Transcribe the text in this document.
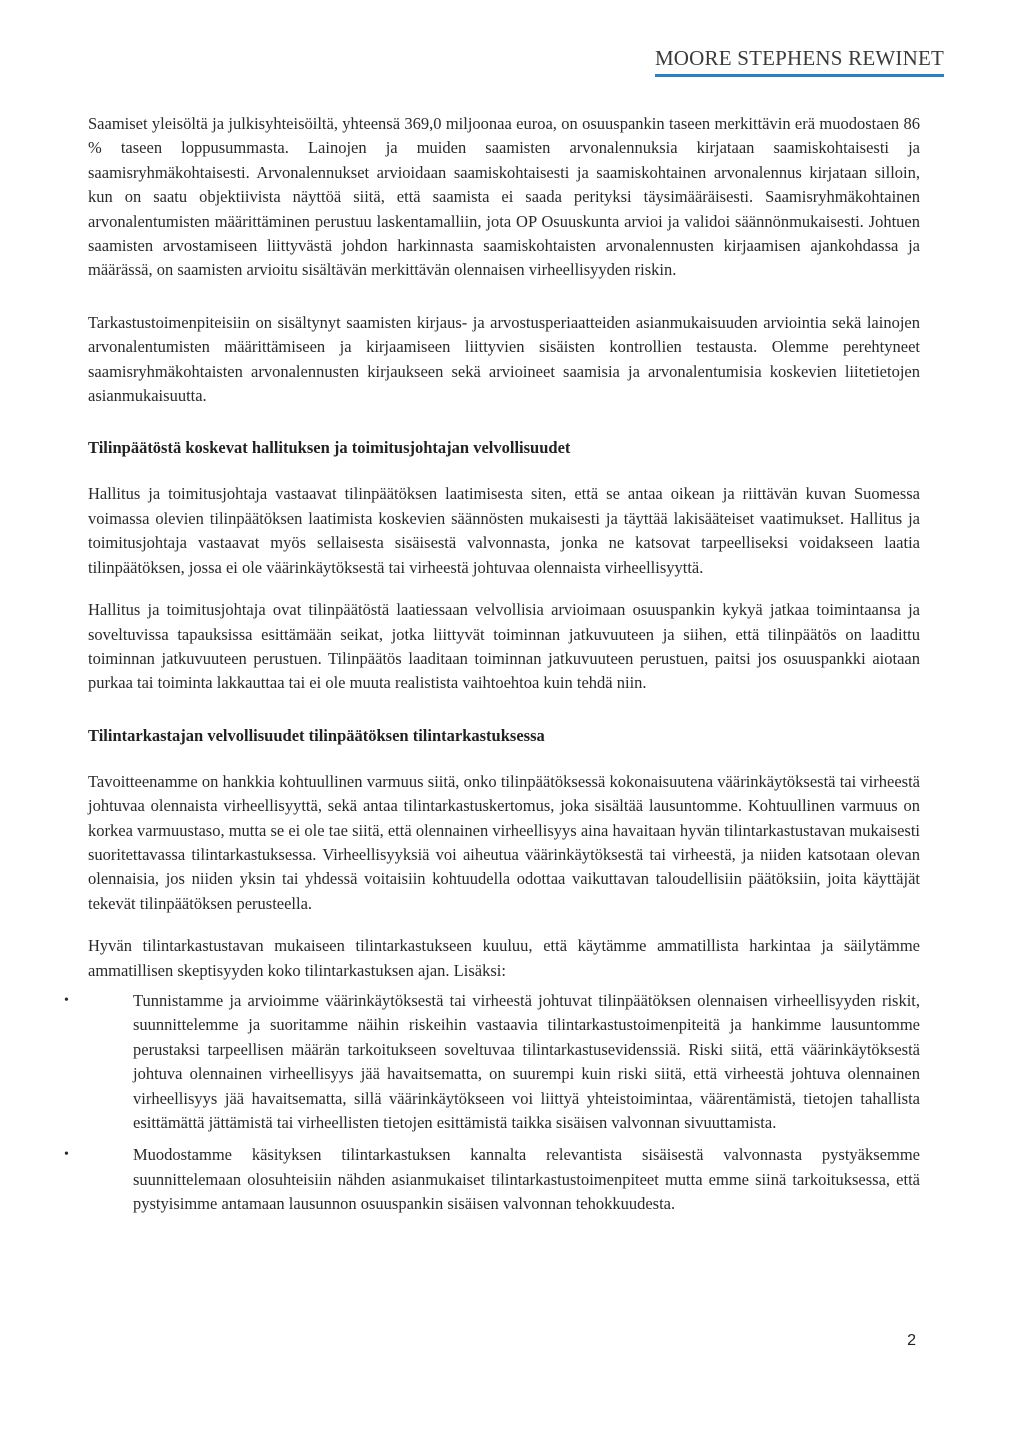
MOORE STEPHENS REWINET

Saamiset yleisöltä ja julkisyhteisöiltä, yhteensä 369,0 miljoonaa euroa, on osuuspankin taseen merkittävin erä muodostaen 86 % taseen loppusummasta. Lainojen ja muiden saamisten arvonalennuksia kirjataan saamiskohtaisesti ja saamisryhmäkohtaisesti. Arvonalennukset arvioidaan saamiskohtaisesti ja saamiskohtainen arvonalennus kirjataan silloin, kun on saatu objektiivista näyttöä siitä, että saamista ei saada perityksi täysimääräisesti. Saamisryhmäkohtainen arvonalentumisten määrittäminen perustuu laskentamalliin, jota OP Osuuskunta arvioi ja validoi säännönmukaisesti. Johtuen saamisten arvostamiseen liittyvästä johdon harkinnasta saamiskohtaisten arvonalennusten kirjaamisen ajankohdassa ja määrässä, on saamisten arvioitu sisältävän merkittävän olennaisen virheellisyyden riskin.

Tarkastustoimenpiteisiin on sisältynyt saamisten kirjaus- ja arvostusperiaatteiden asianmukaisuuden arviointia sekä lainojen arvonalentumisten määrittämiseen ja kirjaamiseen liittyvien sisäisten kontrollien testausta. Olemme perehtyneet saamisryhmäkohtaisten arvonalennusten kirjaukseen sekä arvioineet saamisia ja arvonalentumisia koskevien liitetietojen asianmukaisuutta.

Tilinpäätöstä koskevat hallituksen ja toimitusjohtajan velvollisuudet

Hallitus ja toimitusjohtaja vastaavat tilinpäätöksen laatimisesta siten, että se antaa oikean ja riittävän kuvan Suomessa voimassa olevien tilinpäätöksen laatimista koskevien säännösten mukaisesti ja täyttää lakisääteiset vaatimukset. Hallitus ja toimitusjohtaja vastaavat myös sellaisesta sisäisestä valvonnasta, jonka ne katsovat tarpeelliseksi voidakseen laatia tilinpäätöksen, jossa ei ole väärinkäytöksestä tai virheestä johtuvaa olennaista virheellisyyttä.

Hallitus ja toimitusjohtaja ovat tilinpäätöstä laatiessaan velvollisia arvioimaan osuuspankin kykyä jatkaa toimintaansa ja soveltuvissa tapauksissa esittämään seikat, jotka liittyvät toiminnan jatkuvuuteen ja siihen, että tilinpäätös on laadittu toiminnan jatkuvuuteen perustuen. Tilinpäätös laaditaan toiminnan jatkuvuuteen perustuen, paitsi jos osuuspankki aiotaan purkaa tai toiminta lakkauttaa tai ei ole muuta realistista vaihtoehtoa kuin tehdä niin.

Tilintarkastajan velvollisuudet tilinpäätöksen tilintarkastuksessa

Tavoitteenamme on hankkia kohtuullinen varmuus siitä, onko tilinpäätöksessä kokonaisuutena väärinkäytöksestä tai virheestä johtuvaa olennaista virheellisyyttä, sekä antaa tilintarkastuskertomus, joka sisältää lausuntomme. Kohtuullinen varmuus on korkea varmuustaso, mutta se ei ole tae siitä, että olennainen virheellisyys aina havaitaan hyvän tilintarkastustavan mukaisesti suoritettavassa tilintarkastuksessa. Virheellisyyksiä voi aiheutua väärinkäytöksestä tai virheestä, ja niiden katsotaan olevan olennaisia, jos niiden yksin tai yhdessä voitaisiin kohtuudella odottaa vaikuttavan taloudellisiin päätöksiin, joita käyttäjät tekevät tilinpäätöksen perusteella.

Hyvän tilintarkastustavan mukaiseen tilintarkastukseen kuuluu, että käytämme ammatillista harkintaa ja säilytämme ammatillisen skeptisyyden koko tilintarkastuksen ajan. Lisäksi:

•	Tunnistamme ja arvioimme väärinkäytöksestä tai virheestä johtuvat tilinpäätöksen olennaisen virheellisyyden riskit, suunnittelemme ja suoritamme näihin riskeihin vastaavia tilintarkastustoimenpiteitä ja hankimme lausuntomme perustaksi tarpeellisen määrän tarkoitukseen soveltuvaa tilintarkastusevidenssiä. Riski siitä, että väärinkäytöksestä johtuva olennainen virheellisyys jää havaitsematta, on suurempi kuin riski siitä, että virheestä johtuva olennainen virheellisyys jää havaitsematta, sillä väärinkäytökseen voi liittyä yhteistoimintaa, väärentämistä, tietojen tahallista esittämättä jättämistä tai virheellisten tietojen esittämistä taikka sisäisen valvonnan sivuuttamista.

•	Muodostamme käsityksen tilintarkastuksen kannalta relevantista sisäisestä valvonnasta pystyäksemme suunnittelemaan olosuhteisiin nähden asianmukaiset tilintarkastustoimenpiteet mutta emme siinä tarkoituksessa, että pystyisimme antamaan lausunnon osuuspankin sisäisen valvonnan tehokkuudesta.

2
